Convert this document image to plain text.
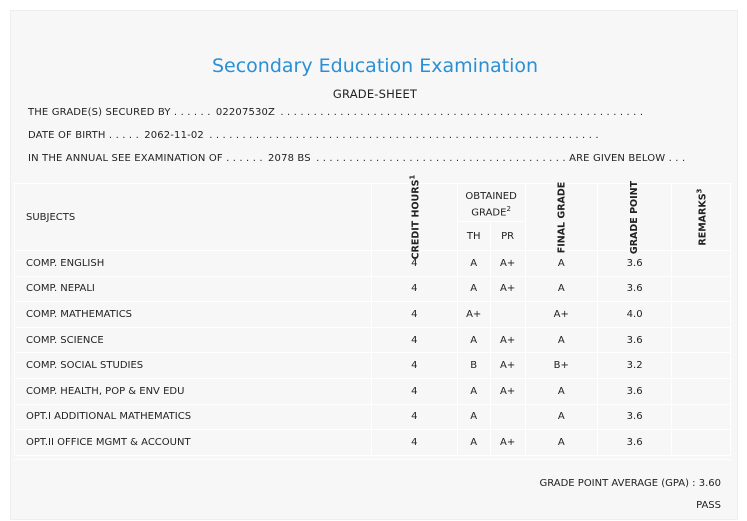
Secondary Education Examination
GRADE-SHEET
THE GRADE(S) SECURED BY . . . . . . 02207530Z . . . . . . . . . . . . . . . . . . . . . . . . . . . . . . . . . . . . . . . . . . . . . . . . . . . . . . .
DATE OF BIRTH . . . . . 2062-11-02 . . . . . . . . . . . . . . . . . . . . . . . . . . . . . . . . . . . . . . . . . . . . . . . . . . . . . . . . . . .
IN THE ANNUAL SEE EXAMINATION OF . . . . . . 2078 BS . . . . . . . . . . . . . . . . . . . . . . . . . . . . . . . . . . . . . . ARE GIVEN BELOW . . .
SUBJECTS	CREDIT HOURS$^1$	OBTAINED GRADE$^2$		FINAL GRADE	GRADE POINT	REMARKS$^3$
		TH	PR			
COMP. ENGLISH	4	A	A+	A	3.6	
COMP. NEPALI	4	A	A+	A	3.6	
COMP. MATHEMATICS	4	A+		A+	4.0	
COMP. SCIENCE	4	A	A+	A	3.6	
COMP. SOCIAL STUDIES	4	B	A+	B+	3.2	
COMP. HEALTH, POP & ENV EDU	4	A	A+	A	3.6	
OPT.I ADDITIONAL MATHEMATICS	4	A		A	3.6	
OPT.II OFFICE MGMT & ACCOUNT	4	A	A+	A	3.6	
GRADE POINT AVERAGE (GPA) : 3.60
PASS
